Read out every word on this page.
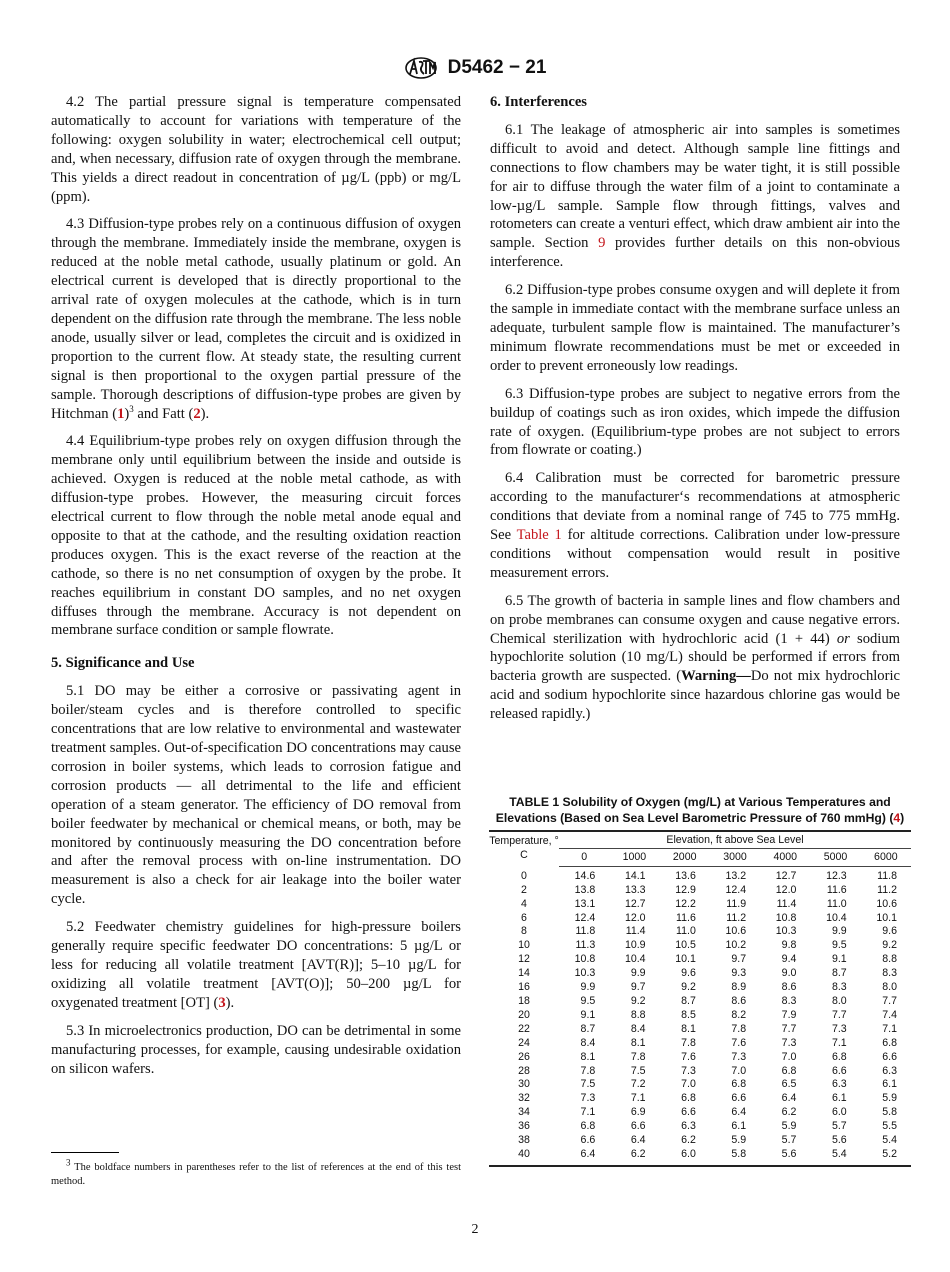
D5462 − 21
4.2 The partial pressure signal is temperature compensated automatically to account for variations with temperature of the following: oxygen solubility in water; electrochemical cell output; and, when necessary, diffusion rate of oxygen through the membrane. This yields a direct readout in concentration of µg/L (ppb) or mg/L (ppm).
4.3 Diffusion-type probes rely on a continuous diffusion of oxygen through the membrane. Immediately inside the membrane, oxygen is reduced at the noble metal cathode, usually platinum or gold. An electrical current is developed that is directly proportional to the arrival rate of oxygen molecules at the cathode, which is in turn dependent on the diffusion rate through the membrane. The less noble anode, usually silver or lead, completes the circuit and is oxidized in proportion to the current flow. At steady state, the resulting current signal is then proportional to the oxygen partial pressure of the sample. Thorough descriptions of diffusion-type probes are given by Hitchman $(1)^3$ and Fatt (2).
4.4 Equilibrium-type probes rely on oxygen diffusion through the membrane only until equilibrium between the inside and outside is achieved. Oxygen is reduced at the noble metal cathode, as with diffusion-type probes. However, the measuring circuit forces electrical current to flow through the noble metal anode equal and opposite to that at the cathode, and the resulting oxidation reaction produces oxygen. This is the exact reverse of the reaction at the cathode, so there is no net consumption of oxygen by the probe. It reaches equilibrium in constant DO samples, and no net oxygen diffuses through the membrane. Accuracy is not dependent on membrane surface condition or sample flowrate.
5. Significance and Use
5.1 DO may be either a corrosive or passivating agent in boiler/steam cycles and is therefore controlled to specific concentrations that are low relative to environmental and wastewater treatment samples. Out-of-specification DO concentrations may cause corrosion in boiler systems, which leads to corrosion fatigue and corrosion products — all detrimental to the life and efficient operation of a steam generator. The efficiency of DO removal from boiler feedwater by mechanical or chemical means, or both, may be monitored by continuously measuring the DO concentration before and after the removal process with on-line instrumentation. DO measurement is also a check for air leakage into the boiler water cycle.
5.2 Feedwater chemistry guidelines for high-pressure boilers generally require specific feedwater DO concentrations: 5 µg/L or less for reducing all volatile treatment [AVT(R)]; 5–10 µg/L for oxidizing all volatile treatment [AVT(O)]; 50–200 µg/L for oxygenated treatment [OT] (3).
5.3 In microelectronics production, DO can be detrimental in some manufacturing processes, for example, causing undesirable oxidation on silicon wafers.
6. Interferences
6.1 The leakage of atmospheric air into samples is sometimes difficult to avoid and detect. Although sample line fittings and connections to flow chambers may be water tight, it is still possible for air to diffuse through the water film of a joint to contaminate a low-µg/L sample. Sample flow through fittings, valves and rotometers can create a venturi effect, which draw ambient air into the sample. Section 9 provides further details on this non-obvious interference.
6.2 Diffusion-type probes consume oxygen and will deplete it from the sample in immediate contact with the membrane surface unless an adequate, turbulent sample flow is maintained. The manufacturer’s minimum flowrate recommendations must be met or exceeded in order to prevent erroneously low readings.
6.3 Diffusion-type probes are subject to negative errors from the buildup of coatings such as iron oxides, which impede the diffusion rate of oxygen. (Equilibrium-type probes are not subject to errors from flowrate or coating.)
6.4 Calibration must be corrected for barometric pressure according to the manufacturer‘s recommendations at atmospheric conditions that deviate from a nominal range of 745 to 775 mmHg. See Table 1 for altitude corrections. Calibration under low-pressure conditions without compensation would result in positive measurement errors.
6.5 The growth of bacteria in sample lines and flow chambers and on probe membranes can consume oxygen and cause negative errors. Chemical sterilization with hydrochloric acid (1 + 44) or sodium hypochlorite solution (10 mg/L) should be performed if errors from bacteria growth are suspected. (Warning—Do not mix hydrochloric acid and sodium hypochlorite since hazardous chlorine gas would be released rapidly.)
3 The boldface numbers in parentheses refer to the list of references at the end of this test method.
TABLE 1 Solubility of Oxygen (mg/L) at Various Temperatures and Elevations (Based on Sea Level Barometric Pressure of 760 mmHg) (4)
Temperature, ° C	Elevation, ft above Sea Level						
	0	1000	2000	3000	4000	5000	6000
0	14.6	14.1	13.6	13.2	12.7	12.3	11.8
2	13.8	13.3	12.9	12.4	12.0	11.6	11.2
4	13.1	12.7	12.2	11.9	11.4	11.0	10.6
6	12.4	12.0	11.6	11.2	10.8	10.4	10.1
8	11.8	11.4	11.0	10.6	10.3	9.9	9.6
10	11.3	10.9	10.5	10.2	9.8	9.5	9.2
12	10.8	10.4	10.1	9.7	9.4	9.1	8.8
14	10.3	9.9	9.6	9.3	9.0	8.7	8.3
16	9.9	9.7	9.2	8.9	8.6	8.3	8.0
18	9.5	9.2	8.7	8.6	8.3	8.0	7.7
20	9.1	8.8	8.5	8.2	7.9	7.7	7.4
22	8.7	8.4	8.1	7.8	7.7	7.3	7.1
24	8.4	8.1	7.8	7.6	7.3	7.1	6.8
26	8.1	7.8	7.6	7.3	7.0	6.8	6.6
28	7.8	7.5	7.3	7.0	6.8	6.6	6.3
30	7.5	7.2	7.0	6.8	6.5	6.3	6.1
32	7.3	7.1	6.8	6.6	6.4	6.1	5.9
34	7.1	6.9	6.6	6.4	6.2	6.0	5.8
36	6.8	6.6	6.3	6.1	5.9	5.7	5.5
38	6.6	6.4	6.2	5.9	5.7	5.6	5.4
40	6.4	6.2	6.0	5.8	5.6	5.4	5.2
2
